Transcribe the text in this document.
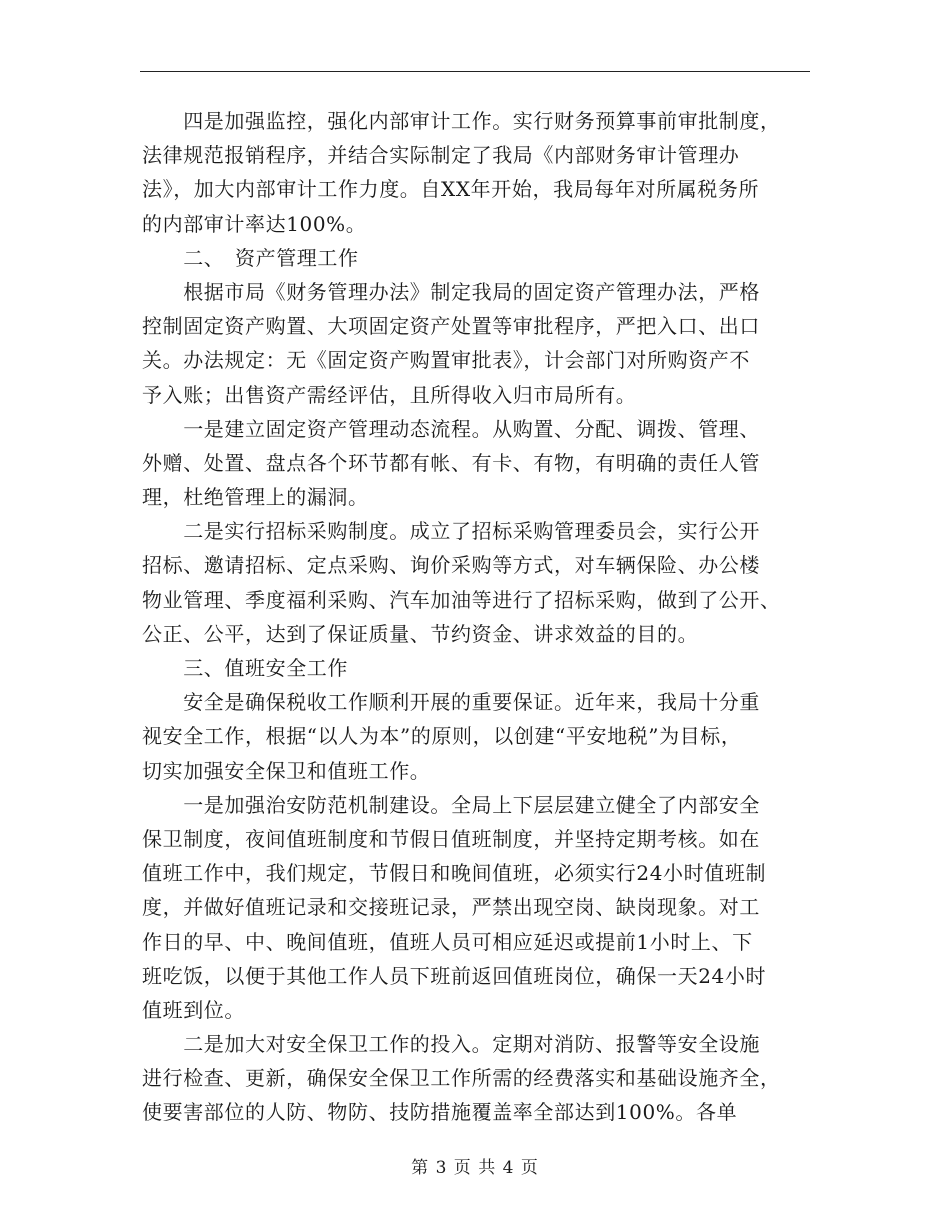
　　四是加强监控，强化内部审计工作。实行财务预算事前审批制度，
法律规范报销程序，并结合实际制定了我局《内部财务审计管理办
法》，加大内部审计工作力度。自XX年开始，我局每年对所属税务所
的内部审计率达100%。
　　二、　资产管理工作
　　根据市局《财务管理办法》制定我局的固定资产管理办法，严格
控制固定资产购置、大项固定资产处置等审批程序，严把入口、出口
关。办法规定：无《固定资产购置审批表》，计会部门对所购资产不
予入账；出售资产需经评估，且所得收入归市局所有。
　　一是建立固定资产管理动态流程。从购置、分配、调拨、管理、
外赠、处置、盘点各个环节都有帐、有卡、有物，有明确的责任人管
理，杜绝管理上的漏洞。
　　二是实行招标采购制度。成立了招标采购管理委员会，实行公开
招标、邀请招标、定点采购、询价采购等方式，对车辆保险、办公楼
物业管理、季度福利采购、汽车加油等进行了招标采购，做到了公开、
公正、公平，达到了保证质量、节约资金、讲求效益的目的。
　　三、值班安全工作
　　安全是确保税收工作顺利开展的重要保证。近年来，我局十分重
视安全工作，根据“以人为本”的原则，以创建“平安地税”为目标，
切实加强安全保卫和值班工作。
　　一是加强治安防范机制建设。全局上下层层建立健全了内部安全
保卫制度，夜间值班制度和节假日值班制度，并坚持定期考核。如在
值班工作中，我们规定，节假日和晚间值班，必须实行24小时值班制
度，并做好值班记录和交接班记录，严禁出现空岗、缺岗现象。对工
作日的早、中、晚间值班，值班人员可相应延迟或提前1小时上、下
班吃饭，以便于其他工作人员下班前返回值班岗位，确保一天24小时
值班到位。
　　二是加大对安全保卫工作的投入。定期对消防、报警等安全设施
进行检查、更新，确保安全保卫工作所需的经费落实和基础设施齐全，
使要害部位的人防、物防、技防措施覆盖率全部达到100%。各单
第 3 页 共 4 页
